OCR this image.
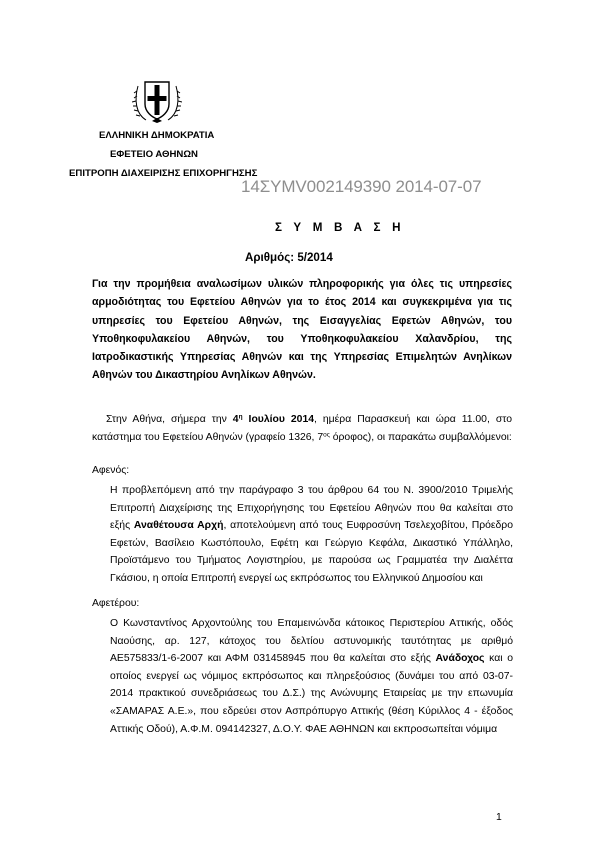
ΕΛΛΗΝΙΚΗ ΔΗΜΟΚΡΑΤΙΑ
ΕΦΕΤΕΙΟ ΑΘΗΝΩΝ
ΕΠΙΤΡΟΠΗ ΔΙΑΧΕΙΡΙΣΗΣ ΕΠΙΧΟΡΗΓΗΣΗΣ
14ΣΥΜV002149390 2014-07-07
Σ Υ Μ Β Α Σ Η
Αριθμός: 5/2014
Για την προμήθεια αναλωσίμων υλικών πληροφορικής για όλες τις υπηρεσίες αρμοδιότητας του Εφετείου Αθηνών για το έτος 2014 και συγκεκριμένα για τις υπηρεσίες του Εφετείου Αθηνών, της Εισαγγελίας Εφετών Αθηνών, του Υποθηκοφυλακείου Αθηνών, του Υποθηκοφυλακείου Χαλανδρίου, της Ιατροδικαστικής Υπηρεσίας Αθηνών και της Υπηρεσίας Επιμελητών Ανηλίκων Αθηνών του Δικαστηρίου Ανηλίκων Αθηνών.
Στην Αθήνα, σήμερα την $4^\eta$ Ιουλίου 2014, ημέρα Παρασκευή και ώρα 11.00, στο κατάστημα του Εφετείου Αθηνών (γραφείο 1326, $7^{o\varsigma}$ όροφος), οι παρακάτω συμβαλλόμενοι:
Αφενός:
Η προβλεπόμενη από την παράγραφο 3 του άρθρου 64 του Ν. 3900/2010 Τριμελής Επιτροπή Διαχείρισης της Επιχορήγησης του Εφετείου Αθηνών που θα καλείται στο εξής Αναθέτουσα Αρχή, αποτελούμενη από τους Ευφροσύνη Τσελεχοβίτου, Πρόεδρο Εφετών, Βασίλειο Κωστόπουλο, Εφέτη και Γεώργιο Κεφάλα, Δικαστικό Υπάλληλο, Προϊστάμενο του Τμήματος Λογιστηρίου, με παρούσα ως Γραμματέα την Διαλέττα Γκάσιου, η οποία Επιτροπή ενεργεί ως εκπρόσωπος του Ελληνικού Δημοσίου και
Αφετέρου:
Ο Κωνσταντίνος Αρχοντούλης του Επαμεινώνδα κάτοικος Περιστερίου Αττικής, οδός Ναούσης, αρ. 127, κάτοχος του δελτίου αστυνομικής ταυτότητας με αριθμό ΑΕ575833/1-6-2007 και ΑΦΜ 031458945 που θα καλείται στο εξής Ανάδοχος και ο οποίος ενεργεί ως νόμιμος εκπρόσωπος και πληρεξούσιος (δυνάμει του από 03-07-2014 πρακτικού συνεδριάσεως του Δ.Σ.) της Ανώνυμης Εταιρείας με την επωνυμία «ΣΑΜΑΡΑΣ Α.Ε.», που εδρεύει στον Ασπρόπυργο Αττικής (θέση Κύριλλος 4 - έξοδος Αττικής Οδού), Α.Φ.Μ. 094142327, Δ.Ο.Υ. ΦΑΕ ΑΘΗΝΩΝ και εκπροσωπείται νόμιμα
1
